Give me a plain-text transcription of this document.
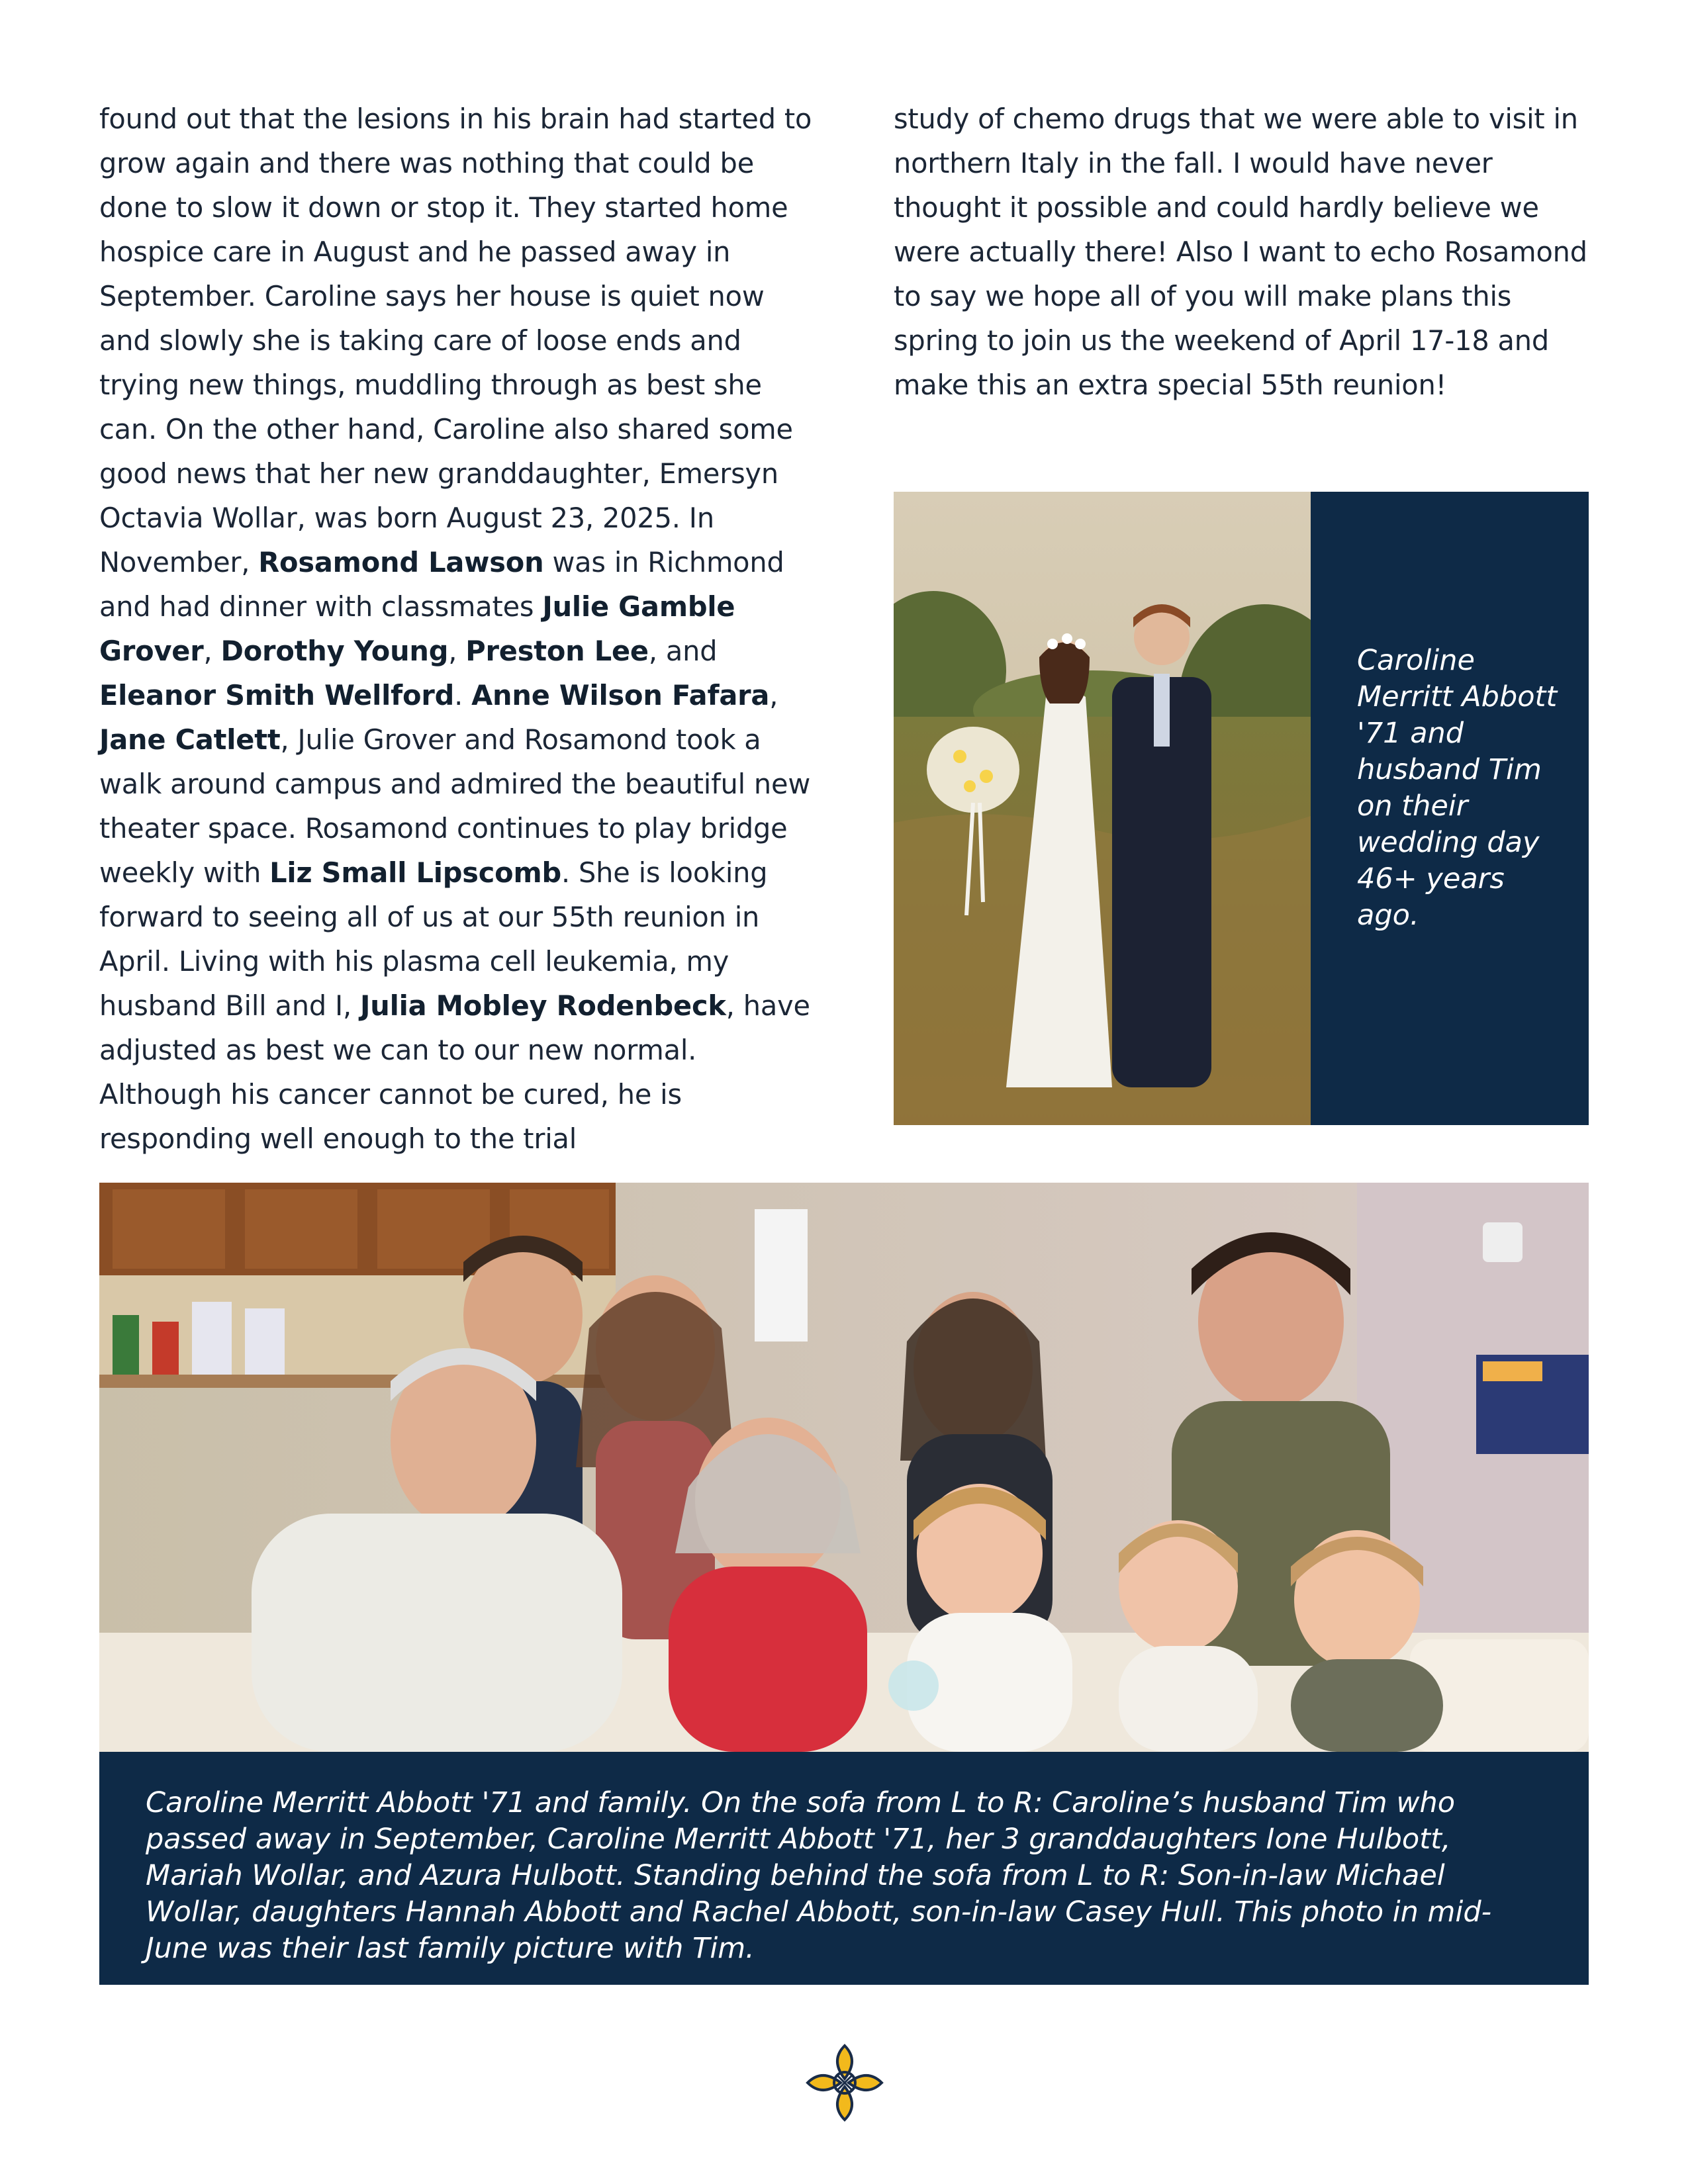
found out that the lesions in his brain had started to grow again and there was nothing that could be done to slow it down or stop it. They started home hospice care in August and he passed away in September. Caroline says her house is quiet now and slowly she is taking care of loose ends and trying new things, muddling through as best she can. On the other hand, Caroline also shared some good news that her new granddaughter, Emersyn Octavia Wollar, was born August 23, 2025. In November, Rosamond Lawson was in Richmond and had dinner with classmates Julie Gamble Grover, Dorothy Young, Preston Lee, and Eleanor Smith Wellford. Anne Wilson Fafara, Jane Catlett, Julie Grover and Rosamond took a walk around campus and admired the beautiful new theater space. Rosamond continues to play bridge weekly with Liz Small Lipscomb. She is looking forward to seeing all of us at our 55th reunion in April. Living with his plasma cell leukemia, my husband Bill and I, Julia Mobley Rodenbeck, have adjusted as best we can to our new normal. Although his cancer cannot be cured, he is responding well enough to the trial

study of chemo drugs that we were able to visit in northern Italy in the fall. I would have never thought it possible and could hardly believe we were actually there! Also I want to echo Rosamond to say we hope all of you will make plans this spring to join us the weekend of April 17-18 and make this an extra special 55th reunion!

Caroline Merritt Abbott '71 and husband Tim on their wedding day 46+ years ago.
Caroline Merritt Abbott '71 and family. On the sofa from L to R: Caroline’s husband Tim who passed away in September, Caroline Merritt Abbott '71, her 3 granddaughters Ione Hulbott, Mariah Wollar, and Azura Hulbott. Standing behind the sofa from L to R: Son-in-law Michael Wollar, daughters Hannah Abbott and Rachel Abbott, son-in-law Casey Hull. This photo in mid-June was their last family picture with Tim.
